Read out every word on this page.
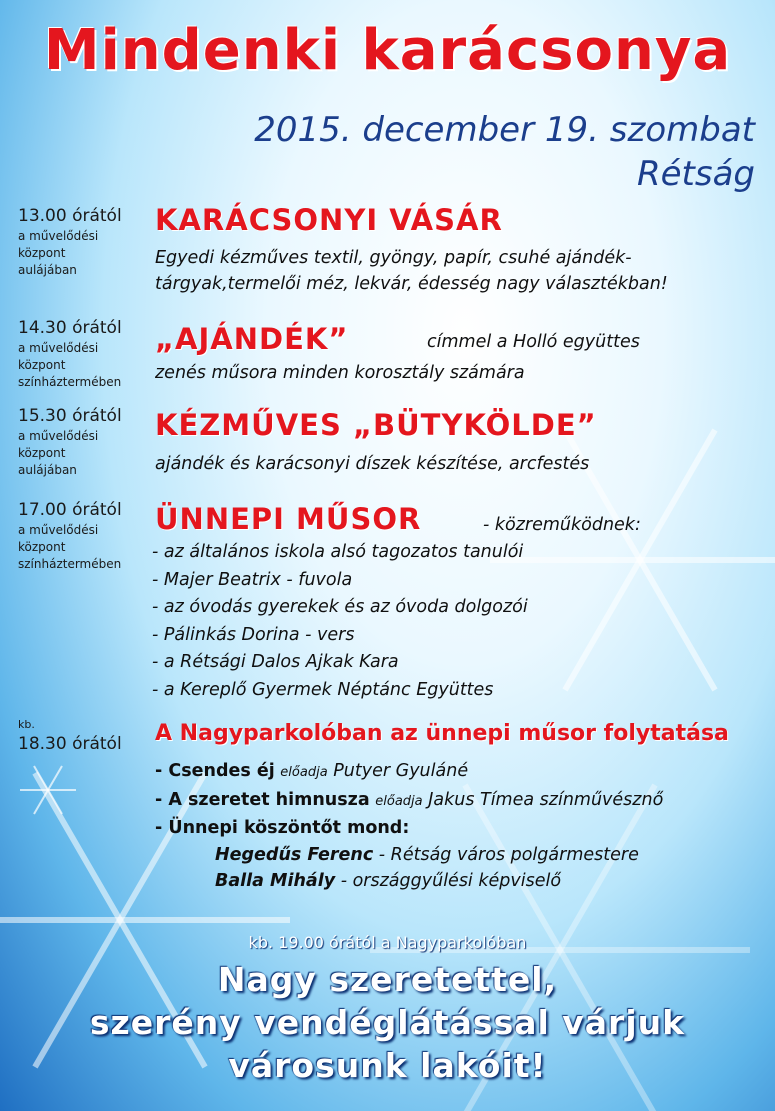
Mindenki karácsonya
2015. december 19. szombat
Rétság
13.00 órától
a művelődési
központ
aulájában
KARÁCSONYI VÁSÁR
Egyedi kézműves textil, gyöngy, papír, csuhé ajándék-
tárgyak,termelői méz, lekvár, édesség nagy választékban!
14.30 órától
a művelődési
központ
színháztermében
„AJÁNDÉK”	címmel a Holló együttes
zenés műsora minden korosztály számára
15.30 órától
a művelődési
központ
aulájában
KÉZMŰVES „BÜTYKÖLDE”
ajándék és karácsonyi díszek készítése, arcfestés
17.00 órától
a művelődési
központ
színháztermében
ÜNNEPI MŰSOR	- közreműködnek:
- az általános iskola alsó tagozatos tanulói
- Majer Beatrix - fuvola
- az óvodás gyerekek és az óvoda dolgozói
- Pálinkás Dorina - vers
- a Rétsági Dalos Ajkak Kara
- a Kereplő Gyermek Néptánc Együttes
kb.
18.30 órától A Nagyparkolóban az ünnepi műsor folytatása
- Csendes éj előadja Putyer Gyuláné
- A szeretet himnusza előadja Jakus Tímea színművésznő
- Ünnepi köszöntőt mond:
Hegedűs Ferenc - Rétság város polgármestere
Balla Mihály - országgyűlési képviselő
kb. 19.00 órától a Nagyparkolóban
Nagy szeretettel,
szerény vendéglátással várjuk
városunk lakóit!
